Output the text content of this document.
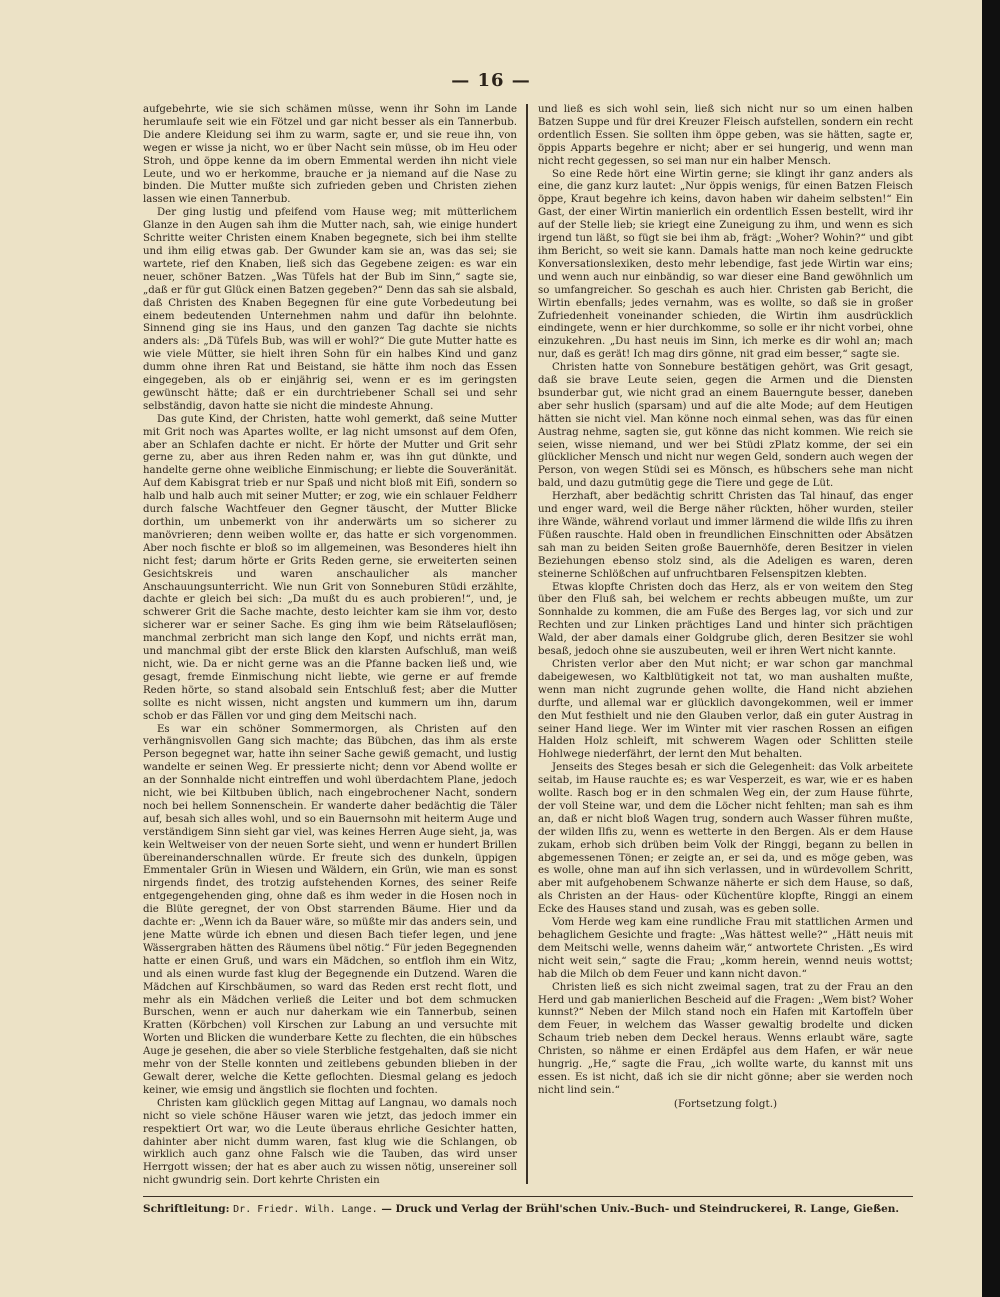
— 16 —

aufgebehrte, wie sie sich schämen müsse, wenn ihr Sohn im Lande herumlaufe seit wie ein Fötzel und gar nicht besser als ein Tannerbub. Die andere Kleidung sei ihm zu warm, sagte er, und sie reue ihn, von wegen er wisse ja nicht, wo er über Nacht sein müsse, ob im Heu oder Stroh, und öppe kenne da im obern Emmental werden ihn nicht viele Leute, und wo er herkomme, brauche er ja niemand auf die Nase zu binden. Die Mutter mußte sich zufrieden geben und Christen ziehen lassen wie einen Tannerbub.

Der ging lustig und pfeifend vom Hause weg; mit mütterlichem Glanze in den Augen sah ihm die Mutter nach, sah, wie einige hundert Schritte weiter Christen einem Knaben begegnete, sich bei ihm stellte und ihm eilig etwas gab. Der Gwunder kam sie an, was das sei; sie wartete, rief den Knaben, ließ sich das Gegebene zeigen: es war ein neuer, schöner Batzen. „Was Tüfels hat der Bub im Sinn,“ sagte sie, „daß er für gut Glück einen Batzen gegeben?“ Denn das sah sie alsbald, daß Christen des Knaben Begegnen für eine gute Vorbedeutung bei einem bedeutenden Unternehmen nahm und dafür ihn belohnte. Sinnend ging sie ins Haus, und den ganzen Tag dachte sie nichts anders als: „Dä Tüfels Bub, was will er wohl?“ Die gute Mutter hatte es wie viele Mütter, sie hielt ihren Sohn für ein halbes Kind und ganz dumm ohne ihren Rat und Beistand, sie hätte ihm noch das Essen eingegeben, als ob er einjährig sei, wenn er es im geringsten gewünscht hätte; daß er ein durchtriebener Schall sei und sehr selbständig, davon hatte sie nicht die mindeste Ahnung.

Das gute Kind, der Christen, hatte wohl gemerkt, daß seine Mutter mit Grit noch was Apartes wollte, er lag nicht umsonst auf dem Ofen, aber an Schlafen dachte er nicht. Er hörte der Mutter und Grit sehr gerne zu, aber aus ihren Reden nahm er, was ihn gut dünkte, und handelte gerne ohne weibliche Einmischung; er liebte die Souveränität. Auf dem Kabisgrat trieb er nur Spaß und nicht bloß mit Eifi, sondern so halb und halb auch mit seiner Mutter; er zog, wie ein schlauer Feldherr durch falsche Wachtfeuer den Gegner täuscht, der Mutter Blicke dorthin, um unbemerkt von ihr anderwärts um so sicherer zu manövrieren; denn weiben wollte er, das hatte er sich vorgenommen. Aber noch fischte er bloß so im allgemeinen, was Besonderes hielt ihn nicht fest; darum hörte er Grits Reden gerne, sie erweiterten seinen Gesichtskreis und waren anschaulicher als mancher Anschauungsunterricht. Wie nun Grit von Sonneburen Stüdi erzählte, dachte er gleich bei sich: „Da mußt du es auch probieren!“, und, je schwerer Grit die Sache machte, desto leichter kam sie ihm vor, desto sicherer war er seiner Sache. Es ging ihm wie beim Rätselauflösen; manchmal zerbricht man sich lange den Kopf, und nichts errät man, und manchmal gibt der erste Blick den klarsten Aufschluß, man weiß nicht, wie. Da er nicht gerne was an die Pfanne backen ließ und, wie gesagt, fremde Einmischung nicht liebte, wie gerne er auf fremde Reden hörte, so stand alsobald sein Entschluß fest; aber die Mutter sollte es nicht wissen, nicht angsten und kummern um ihn, darum schob er das Fällen vor und ging dem Meitschi nach.

Es war ein schöner Sommermorgen, als Christen auf den verhängnisvollen Gang sich machte; das Bübchen, das ihm als erste Person begegnet war, hatte ihn seiner Sache gewiß gemacht, und lustig wandelte er seinen Weg. Er pressierte nicht; denn vor Abend wollte er an der Sonnhalde nicht eintreffen und wohl überdachtem Plane, jedoch nicht, wie bei Kiltbuben üblich, nach eingebrochener Nacht, sondern noch bei hellem Sonnenschein. Er wanderte daher bedächtig die Täler auf, besah sich alles wohl, und so ein Bauernsohn mit heiterm Auge und verständigem Sinn sieht gar viel, was keines Herren Auge sieht, ja, was kein Weltweiser von der neuen Sorte sieht, und wenn er hundert Brillen übereinanderschnallen würde. Er freute sich des dunkeln, üppigen Emmentaler Grün in Wiesen und Wäldern, ein Grün, wie man es sonst nirgends findet, des trotzig aufstehenden Kornes, des seiner Reife entgegengehenden ging, ohne daß es ihm weder in die Hosen noch in die Blüte geregnet, der von Obst starrenden Bäume. Hier und da dachte er: „Wenn ich da Bauer wäre, so müßte mir das anders sein, und jene Matte würde ich ebnen und diesen Bach tiefer legen, und jene Wässergraben hätten des Räumens übel nötig.“ Für jeden Begegnenden hatte er einen Gruß, und wars ein Mädchen, so entfloh ihm ein Witz, und als einen wurde fast klug der Begegnende ein Dutzend. Waren die Mädchen auf Kirschbäumen, so ward das Reden erst recht flott, und mehr als ein Mädchen verließ die Leiter und bot dem schmucken Burschen, wenn er auch nur daherkam wie ein Tannerbub, seinen Kratten (Körbchen) voll Kirschen zur Labung an und versuchte mit Worten und Blicken die wunderbare Kette zu flechten, die ein hübsches Auge je gesehen, die aber so viele Sterbliche festgehalten, daß sie nicht mehr von der Stelle konnten und zeitlebens gebunden blieben in der Gewalt derer, welche die Kette geflochten. Diesmal gelang es jedoch keiner, wie emsig und ängstlich sie flochten und fochten.

Christen kam glücklich gegen Mittag auf Langnau, wo damals noch nicht so viele schöne Häuser waren wie jetzt, das jedoch immer ein respektiert Ort war, wo die Leute überaus ehrliche Gesichter hatten, dahinter aber nicht dumm waren, fast klug wie die Schlangen, ob wirklich auch ganz ohne Falsch wie die Tauben, das wird unser Herrgott wissen; der hat es aber auch zu wissen nötig, unsereiner soll nicht gwundrig sein. Dort kehrte Christen ein

und ließ es sich wohl sein, ließ sich nicht nur so um einen halben Batzen Suppe und für drei Kreuzer Fleisch aufstellen, sondern ein recht ordentlich Essen. Sie sollten ihm öppe geben, was sie hätten, sagte er, öppis Apparts begehre er nicht; aber er sei hungerig, und wenn man nicht recht gegessen, so sei man nur ein halber Mensch.

So eine Rede hört eine Wirtin gerne; sie klingt ihr ganz anders als eine, die ganz kurz lautet: „Nur öppis wenigs, für einen Batzen Fleisch öppe, Kraut begehre ich keins, davon haben wir daheim selbsten!“ Ein Gast, der einer Wirtin manierlich ein ordentlich Essen bestellt, wird ihr auf der Stelle lieb; sie kriegt eine Zuneigung zu ihm, und wenn es sich irgend tun läßt, so fügt sie bei ihm ab, frägt: „Woher? Wohin?“ und gibt ihm Bericht, so weit sie kann. Damals hatte man noch keine gedruckte Konversationslexiken, desto mehr lebendige, fast jede Wirtin war eins; und wenn auch nur einbändig, so war dieser eine Band gewöhnlich um so umfangreicher. So geschah es auch hier. Christen gab Bericht, die Wirtin ebenfalls; jedes vernahm, was es wollte, so daß sie in großer Zufriedenheit voneinander schieden, die Wirtin ihm ausdrücklich eindingete, wenn er hier durchkomme, so solle er ihr nicht vorbei, ohne einzukehren. „Du hast neuis im Sinn, ich merke es dir wohl an; mach nur, daß es gerät! Ich mag dirs gönne, nit grad eim besser,“ sagte sie.

Christen hatte von Sonnebure bestätigen gehört, was Grit gesagt, daß sie brave Leute seien, gegen die Armen und die Diensten bsunderbar gut, wie nicht grad an einem Bauerngute besser, daneben aber sehr huslich (sparsam) und auf die alte Mode; auf dem Heutigen hätten sie nicht viel. Man könne noch einmal sehen, was das für einen Austrag nehme, sagten sie, gut könne das nicht kommen. Wie reich sie seien, wisse niemand, und wer bei Stüdi zPlatz komme, der sei ein glücklicher Mensch und nicht nur wegen Geld, sondern auch wegen der Person, von wegen Stüdi sei es Mönsch, es hübschers sehe man nicht bald, und dazu gutmütig gege die Tiere und gege de Lüt.

Herzhaft, aber bedächtig schritt Christen das Tal hinauf, das enger und enger ward, weil die Berge näher rückten, höher wurden, steiler ihre Wände, während vorlaut und immer lärmend die wilde Ilfis zu ihren Füßen rauschte. Hald oben in freundlichen Einschnitten oder Absätzen sah man zu beiden Seiten große Bauernhöfe, deren Besitzer in vielen Beziehungen ebenso stolz sind, als die Adeligen es waren, deren steinerne Schlößchen auf unfruchtbaren Felsenspitzen klebten.

Etwas klopfte Christen doch das Herz, als er von weitem den Steg über den Fluß sah, bei welchem er rechts abbeugen mußte, um zur Sonnhalde zu kommen, die am Fuße des Berges lag, vor sich und zur Rechten und zur Linken prächtiges Land und hinter sich prächtigen Wald, der aber damals einer Goldgrube glich, deren Besitzer sie wohl besaß, jedoch ohne sie auszubeuten, weil er ihren Wert nicht kannte.

Christen verlor aber den Mut nicht; er war schon gar manchmal dabeigewesen, wo Kaltblütigkeit not tat, wo man aushalten mußte, wenn man nicht zugrunde gehen wollte, die Hand nicht abziehen durfte, und allemal war er glücklich davongekommen, weil er immer den Mut festhielt und nie den Glauben verlor, daß ein guter Austrag in seiner Hand liege. Wer im Winter mit vier raschen Rossen an eifigen Halden Holz schleift, mit schwerem Wagen oder Schlitten steile Hohlwege niederfährt, der lernt den Mut behalten.

Jenseits des Steges besah er sich die Gelegenheit: das Volk arbeitete seitab, im Hause rauchte es; es war Vesperzeit, es war, wie er es haben wollte. Rasch bog er in den schmalen Weg ein, der zum Hause führte, der voll Steine war, und dem die Löcher nicht fehlten; man sah es ihm an, daß er nicht bloß Wagen trug, sondern auch Wasser führen mußte, der wilden Ilfis zu, wenn es wetterte in den Bergen. Als er dem Hause zukam, erhob sich drüben beim Volk der Ringgi, begann zu bellen in abgemessenen Tönen; er zeigte an, er sei da, und es möge geben, was es wolle, ohne man auf ihn sich verlassen, und in würdevollem Schritt, aber mit aufgehobenem Schwanze näherte er sich dem Hause, so daß, als Christen an der Haus- oder Küchentüre klopfte, Ringgi an einem Ecke des Hauses stand und zusah, was es geben solle.

Vom Herde weg kam eine rundliche Frau mit stattlichen Armen und behaglichem Gesichte und fragte: „Was hättest welle?“ „Hätt neuis mit dem Meitschi welle, wenns daheim wär,“ antwortete Christen. „Es wird nicht weit sein,“ sagte die Frau; „komm herein, wennd neuis wottst; hab die Milch ob dem Feuer und kann nicht davon.“

Christen ließ es sich nicht zweimal sagen, trat zu der Frau an den Herd und gab manierlichen Bescheid auf die Fragen: „Wem bist? Woher kunnst?“ Neben der Milch stand noch ein Hafen mit Kartoffeln über dem Feuer, in welchem das Wasser gewaltig brodelte und dicken Schaum trieb neben dem Deckel heraus. Wenns erlaubt wäre, sagte Christen, so nähme er einen Erdäpfel aus dem Hafen, er wär neue hungrig. „He,“ sagte die Frau, „ich wollte warte, du kannst mit uns essen. Es ist nicht, daß ich sie dir nicht gönne; aber sie werden noch nicht lind sein.“

(Fortsetzung folgt.)

Schriftleitung: Dr. Friedr. Wilh. Lange. — Druck und Verlag der Brühl'schen Univ.-Buch- und Steindruckerei, R. Lange, Gießen.
